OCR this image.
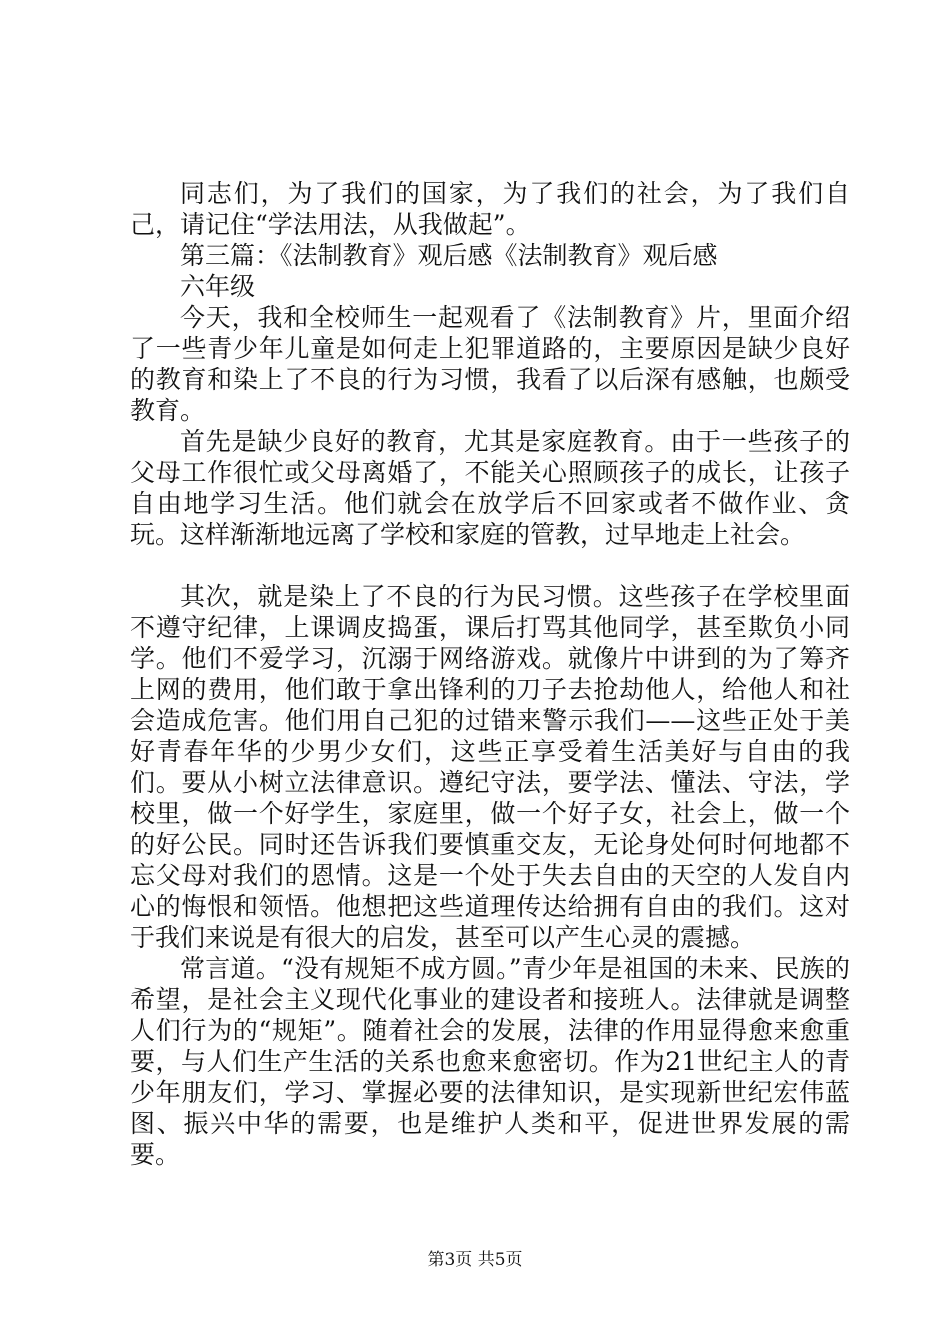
同志们，为了我们的国家，为了我们的社会，为了我们自己，请记住“学法用法，从我做起”。

第三篇：《法制教育》观后感《法制教育》观后感

六年级

今天，我和全校师生一起观看了《法制教育》片，里面介绍了一些青少年儿童是如何走上犯罪道路的，主要原因是缺少良好的教育和染上了不良的行为习惯，我看了以后深有感触，也颇受教育。

首先是缺少良好的教育，尤其是家庭教育。由于一些孩子的父母工作很忙或父母离婚了，不能关心照顾孩子的成长，让孩子自由地学习生活。他们就会在放学后不回家或者不做作业、贪玩。这样渐渐地远离了学校和家庭的管教，过早地走上社会。

其次，就是染上了不良的行为民习惯。这些孩子在学校里面不遵守纪律，上课调皮捣蛋，课后打骂其他同学，甚至欺负小同学。他们不爱学习，沉溺于网络游戏。就像片中讲到的为了筹齐上网的费用，他们敢于拿出锋利的刀子去抢劫他人，给他人和社会造成危害。他们用自己犯的过错来警示我们——这些正处于美好青春年华的少男少女们，这些正享受着生活美好与自由的我们。要从小树立法律意识。遵纪守法，要学法、懂法、守法，学校里，做一个好学生，家庭里，做一个好子女，社会上，做一个的好公民。同时还告诉我们要慎重交友，无论身处何时何地都不忘父母对我们的恩情。这是一个处于失去自由的天空的人发自内心的悔恨和领悟。他想把这些道理传达给拥有自由的我们。这对于我们来说是有很大的启发，甚至可以产生心灵的震撼。

常言道。“没有规矩不成方圆。”青少年是祖国的未来、民族的希望，是社会主义现代化事业的建设者和接班人。法律就是调整人们行为的“规矩”。随着社会的发展，法律的作用显得愈来愈重要，与人们生产生活的关系也愈来愈密切。作为21世纪主人的青少年朋友们，学习、掌握必要的法律知识，是实现新世纪宏伟蓝图、振兴中华的需要，也是维护人类和平，促进世界发展的需要。

第3页 共5页
